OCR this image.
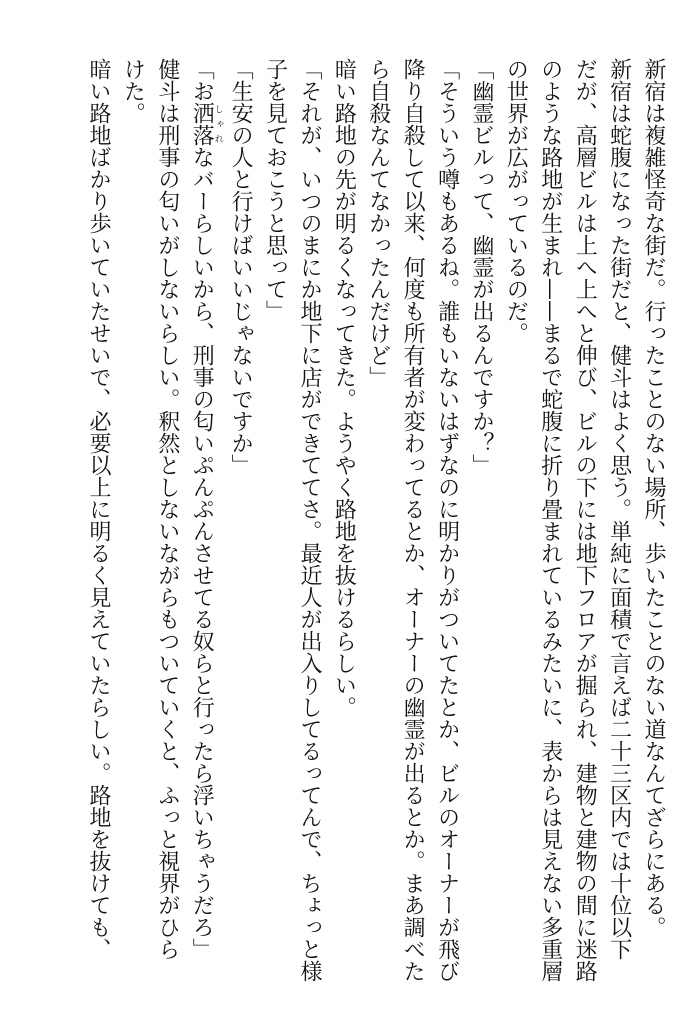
新宿は複雑怪奇な街だ。行ったことのない場所、歩いたことのない道なんてざらにある。
新宿は蛇腹になった街だと、健斗はよく思う。単純に面積で言えば二十三区内では十位以下
だが、高層ビルは上へ上へと伸び、ビルの下には地下フロアが掘られ、建物と建物の間に迷路
のような路地が生まれ——まるで蛇腹に折り畳まれているみたいに、表からは見えない多重層
の世界が広がっているのだ。
「幽霊ビルって、幽霊が出るんですか？」
「そういう噂もあるね。誰もいないはずなのに明かりがついてたとか、ビルのオーナーが飛び
降り自殺して以来、何度も所有者が変わってるとか、オーナーの幽霊が出るとか。まあ調べた
ら自殺なんてなかったんだけど」
暗い路地の先が明るくなってきた。ようやく路地を抜けるらしい。
「それが、いつのまにか地下に店ができててさ。最近人が出入りしてるってんで、ちょっと様
子を見ておこうと思って」
「生安の人と行けばいいじゃないですか」
「お洒落しゃれなバーらしいから、刑事の匂いぷんぷんさせてる奴らと行ったら浮いちゃうだろ」
健斗は刑事の匂いがしないらしい。釈然としないながらもついていくと、ふっと視界がひら
けた。
暗い路地ばかり歩いていたせいで、必要以上に明るく見えていたらしい。路地を抜けても、
